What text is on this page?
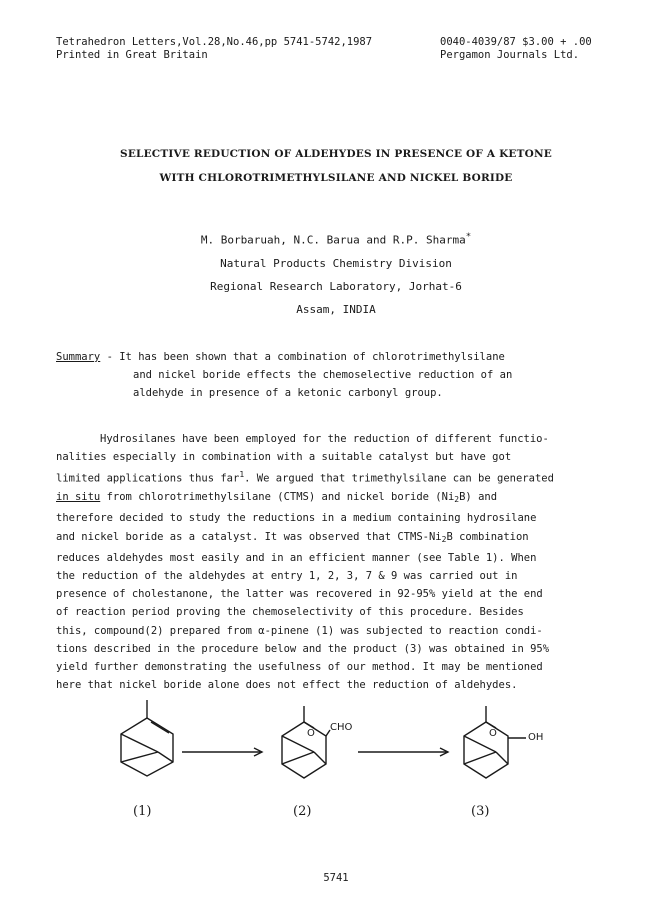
Tetrahedron Letters,Vol.28,No.46,pp 5741-5742,1987
Printed in Great Britain
0040-4039/87 $3.00 + .00
Pergamon Journals Ltd.
SELECTIVE REDUCTION OF ALDEHYDES IN PRESENCE OF A KETONE
WITH CHLOROTRIMETHYLSILANE AND NICKEL BORIDE
M. Borbaruah, N.C. Barua and R.P. Sharma*
Natural Products Chemistry Division
Regional Research Laboratory, Jorhat-6
Assam, INDIA
Summary - It has been shown that a combination of chlorotrimethylsilane
and nickel boride effects the chemoselective reduction of an
aldehyde in presence of a ketonic carbonyl group.
Hydrosilanes have been employed for the reduction of different functio-
nalities especially in combination with a suitable catalyst but have got
limited applications thus far$^1$. We argued that trimethylsilane can be generated
in situ from chlorotrimethylsilane (CTMS) and nickel boride $(Ni_2B)$ and
therefore decided to study the reductions in a medium containing hydrosilane
and nickel boride as a catalyst. It was observed that CTMS-$Ni_2B$ combination
reduces aldehydes most easily and in an efficient manner (see Table 1). When
the reduction of the aldehydes at entry 1, 2, 3, 7 & 9 was carried out in
presence of cholestanone, the latter was recovered in 92-95% yield at the end
of reaction period proving the chemoselectivity of this procedure. Besides
this, compound(2) prepared from α-pinene (1) was subjected to reaction condi-
tions described in the procedure below and the product (3) was obtained in 95%
yield further demonstrating the usefulness of our method. It may be mentioned
here that nickel boride alone does not effect the reduction of aldehydes.
O
CHO
O	OH
(1)	(2)	(3)
5741
